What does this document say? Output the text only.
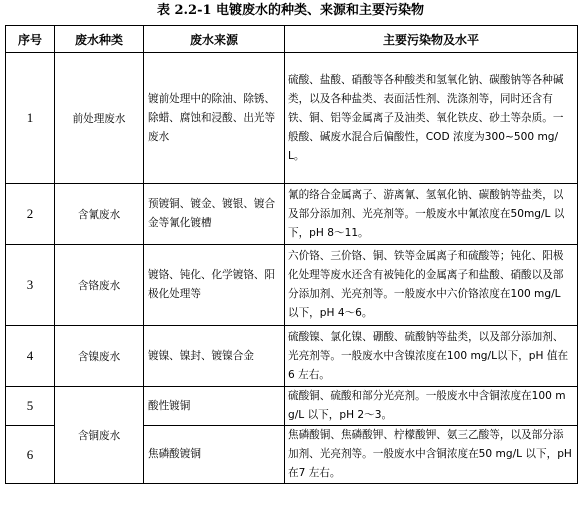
表 2.2-1 电镀废水的种类、来源和主要污染物
序号	废水种类	废水来源	主要污染物及水平
1	前处理废水	镀前处理中的除油、除锈、除蜡、腐蚀和浸酸、出光等废水	硫酸、盐酸、硝酸等各种酸类和氢氧化钠、碳酸钠等各种碱类，以及各种盐类、表面活性剂、洗涤剂等，同时还含有铁、铜、铝等金属离子及油类、氧化铁皮、砂土等杂质。一般酸、碱废水混合后偏酸性，COD 浓度为300~500 mg/L。
2	含氰废水	预镀铜、镀金、镀银、镀合金等氰化镀槽	氰的络合金属离子、游离氰、氢氧化钠、碳酸钠等盐类，以及部分添加剂、光亮剂等。一般废水中氰浓度在50mg/L 以下，pH 8～11。
3	含铬废水	镀铬、钝化、化学镀铬、阳极化处理等	六价铬、三价铬、铜、铁等金属离子和硫酸等；钝化、阳极化处理等废水还含有被钝化的金属离子和盐酸、硝酸以及部分添加剂、光亮剂等。一般废水中六价铬浓度在100 mg/L 以下，pH 4～6。
4	含镍废水	镀镍、镍封、镀镍合金	硫酸镍、氯化镍、硼酸、硫酸钠等盐类，以及部分添加剂、光亮剂等。一般废水中含镍浓度在100 mg/L以下，pH 值在6 左右。
5	含铜废水	酸性镀铜	硫酸铜、硫酸和部分光亮剂。一般废水中含铜浓度在100 mg/L 以下，pH 2～3。
6		焦磷酸镀铜	焦磷酸铜、焦磷酸钾、柠檬酸钾、氨三乙酸等，以及部分添加剂、光亮剂等。一般废水中含铜浓度在50 mg/L 以下，pH在7 左右。
